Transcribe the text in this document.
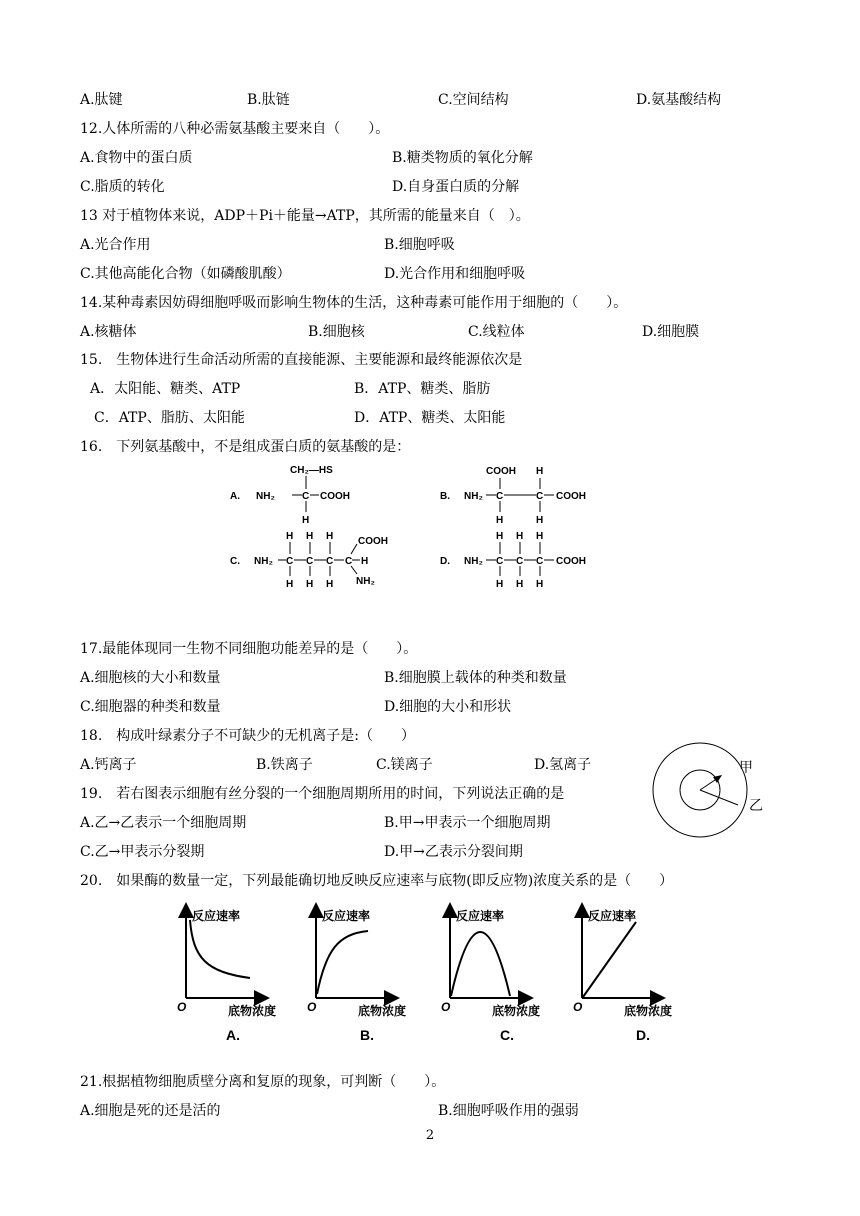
A.肽键	B.肽链	C.空间结构	D.氨基酸结构
12.人体所需的八种必需氨基酸主要来自（　　）。
A.食物中的蛋白质	B.糖类物质的氧化分解
C.脂质的转化	D.自身蛋白质的分解
13 对于植物体来说，ADP＋Pi＋能量→ATP，其所需的能量来自（　）。
A.光合作用	B.细胞呼吸
C.其他高能化合物（如磷酸肌酸）	D.光合作用和细胞呼吸
14.某种毒素因妨碍细胞呼吸而影响生物体的生活，这种毒素可能作用于细胞的（　　）。
A.核糖体	B.细胞核	C.线粒体	D.细胞膜
15.　生物体进行生命活动所需的直接能源、主要能源和最终能源依次是
A．太阳能、糖类、ATP	B．ATP、糖类、脂肪
C．ATP、脂肪、太阳能	D．ATP、糖类、太阳能
16.　下列氨基酸中，不是组成蛋白质的氨基酸的是：
A.
CH₂—HS
NH₂	C COOH
H
B.
COOH H
NH₂ C	C COOH
H	H
C.
H H H COOH
NH₂ C C C C H
H H H NH₂
D.
H H H
NH₂ C C C COOH
H H H
17.最能体现同一生物不同细胞功能差异的是（　　）。
A.细胞核的大小和数量	B.细胞膜上载体的种类和数量
C.细胞器的种类和数量	D.细胞的大小和形状
18.　构成叶绿素分子不可缺少的无机离子是:（　　）
A.钙离子	B.铁离子	C.镁离子	D.氢离子	甲
乙
19.　若右图表示细胞有丝分裂的一个细胞周期所用的时间，下列说法正确的是
A.乙→乙表示一个细胞周期	B.甲→甲表示一个细胞周期
C.乙→甲表示分裂期	D.甲→乙表示分裂间期
20.　如果酶的数量一定，下列最能确切地反映反应速率与底物(即反应物)浓度关系的是（　　）
反应速率
底物浓度
O
A.
反应速率
底物浓度
O
B.
反应速率
底物浓度
O
C.
反应速率
底物浓度
O
D.
21.根据植物细胞质壁分离和复原的现象，可判断（　　）。
A.细胞是死的还是活的	B.细胞呼吸作用的强弱
2
